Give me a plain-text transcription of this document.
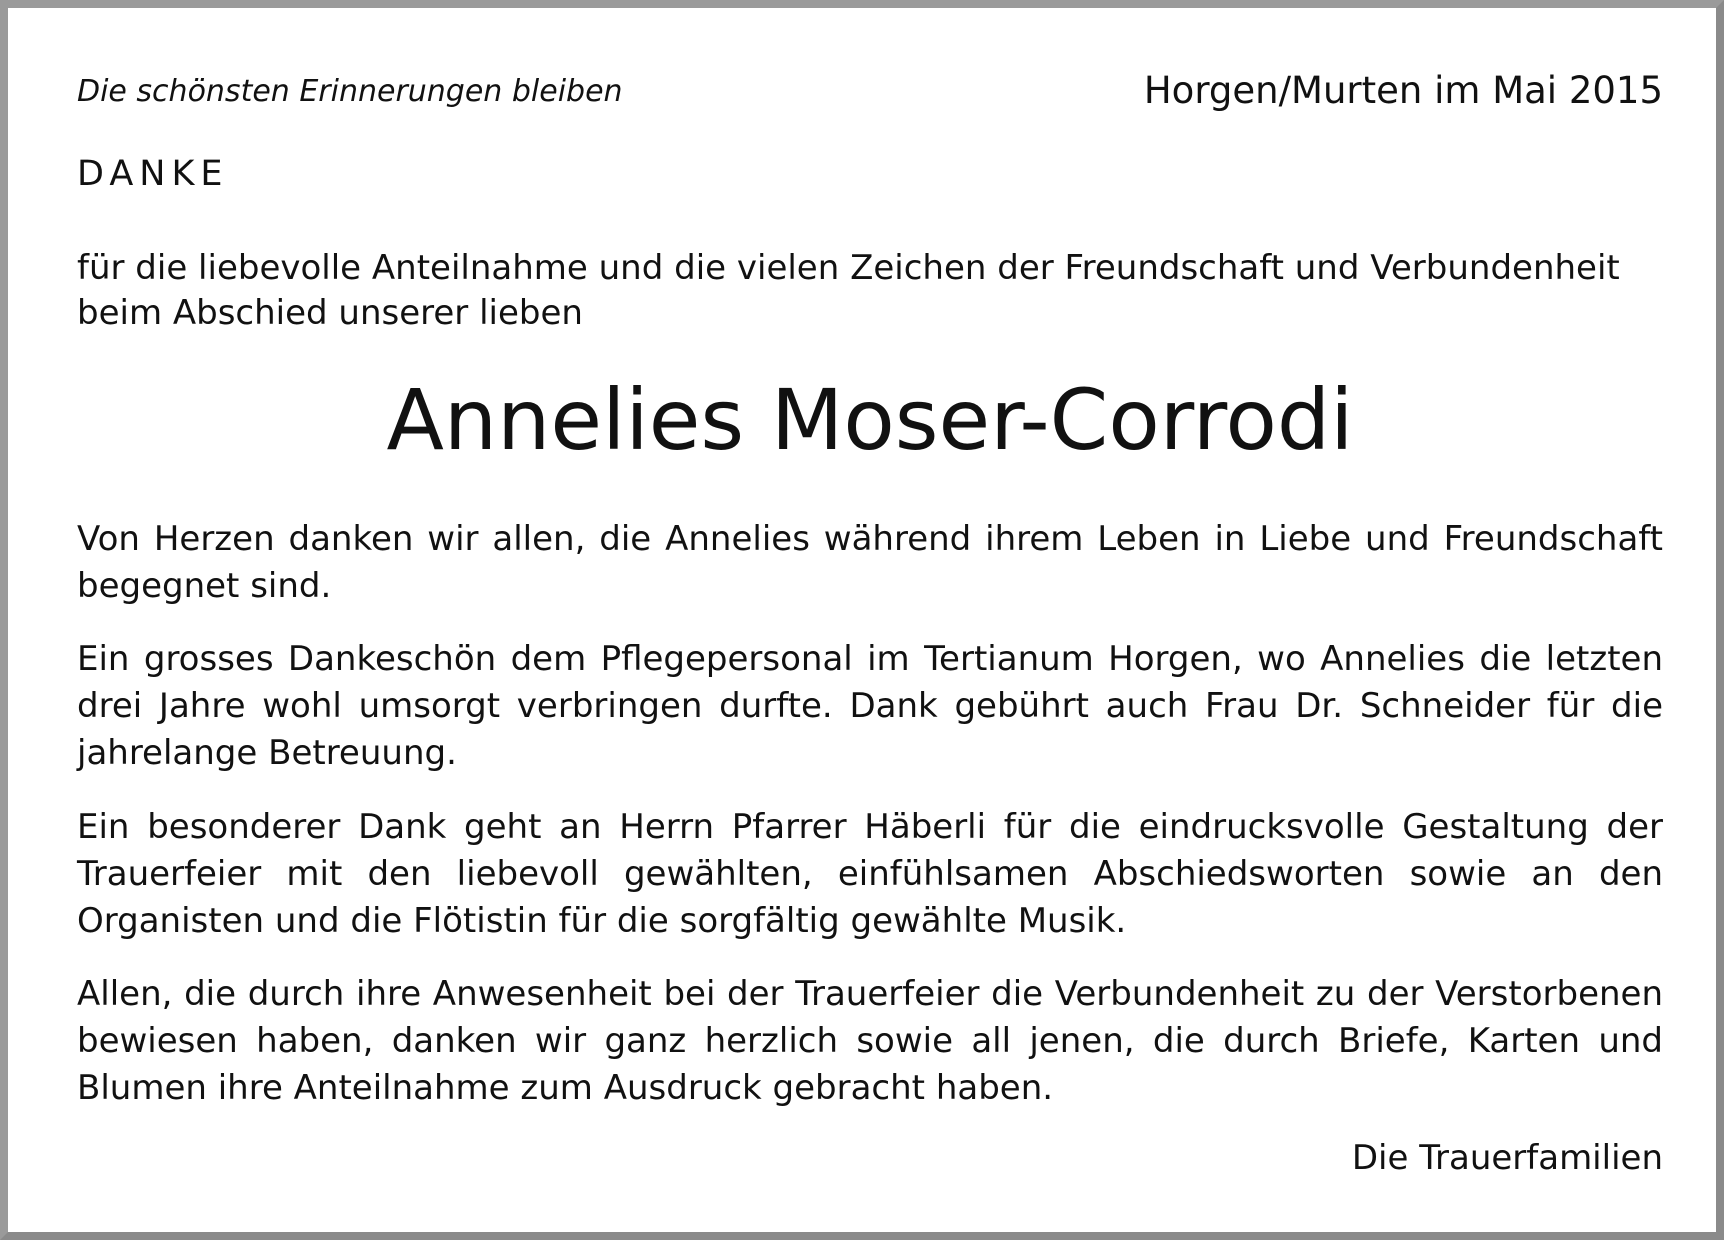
Die schönsten Erinnerungen bleiben	Horgen/Murten im Mai 2015
DANKE
für die liebevolle Anteilnahme und die vielen Zeichen der Freundschaft und Verbundenheit beim Abschied unserer lieben
Annelies Moser-Corrodi

Von Herzen danken wir allen, die Annelies während ihrem Leben in Liebe und Freundschaft begegnet sind.

Ein grosses Dankeschön dem Pflegepersonal im Tertianum Horgen, wo Annelies die letzten drei Jahre wohl umsorgt verbringen durfte. Dank gebührt auch Frau Dr. Schneider für die jahrelange Betreuung.

Ein besonderer Dank geht an Herrn Pfarrer Häberli für die eindrucksvolle Gestaltung der Trauerfeier mit den liebevoll gewählten, einfühlsamen Abschiedsworten sowie an den Organisten und die Flötistin für die sorgfältig gewählte Musik.

Allen, die durch ihre Anwesenheit bei der Trauerfeier die Verbundenheit zu der Verstorbenen bewiesen haben, danken wir ganz herzlich sowie all jenen, die durch Briefe, Karten und Blumen ihre Anteilnahme zum Ausdruck gebracht haben.

Die Trauerfamilien
